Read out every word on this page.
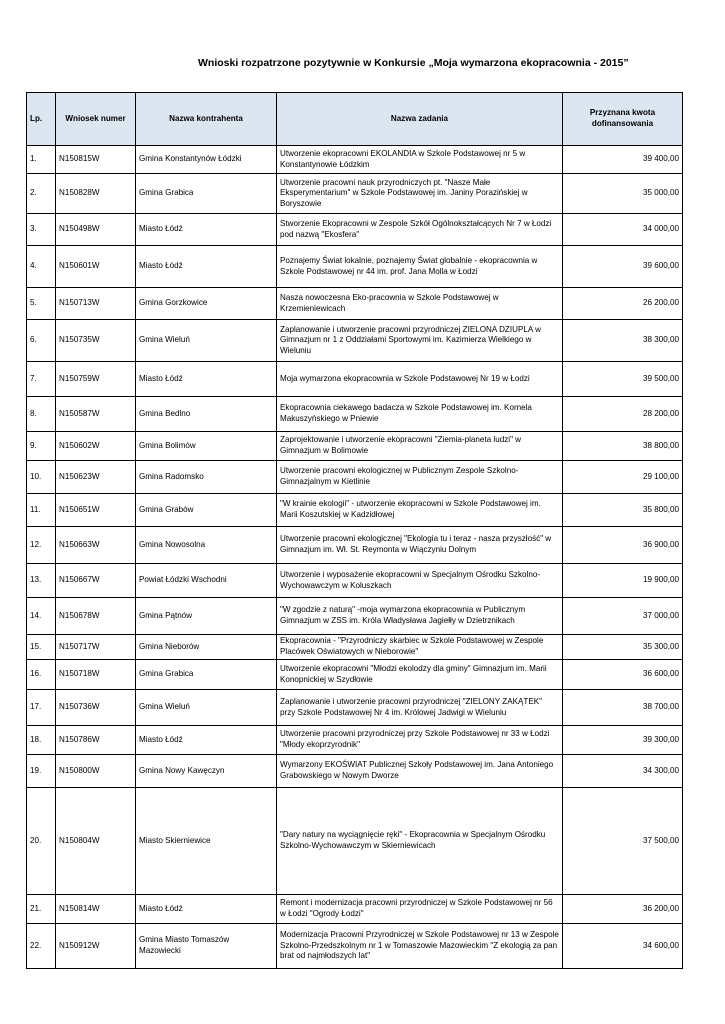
Wnioski rozpatrzone pozytywnie w Konkursie „Moja wymarzona ekopracownia - 2015”
Lp.	Wniosek numer	Nazwa kontrahenta	Nazwa zadania	Przyznana kwota dofinansowania
1.	N150815W	Gmina Konstantynów Łódzki	Utworzenie ekopracowni EKOLANDIA w Szkole Podstawowej nr 5 w Konstantynowie Łódzkim	39 400,00
2.	N150828W	Gmina Grabica	Utworzenie pracowni nauk przyrodniczych pt. "Nasze Małe Eksperymentarium" w Szkole Podstawowej im. Janiny Porazińskiej w Boryszowie	35 000,00
3.	N150498W	Miasto Łódź	Stworzenie Ekopracowni w Zespole Szkół Ogólnokształcących Nr 7 w Łodzi pod nazwą "Ekosfera"	34 000,00
4.	N150601W	Miasto Łódź	Poznajemy Świat lokalnie, poznajemy Świat globalnie - ekopracownia w Szkole Podstawowej nr 44 im. prof. Jana Molla w Łodzi	39 600,00
5.	N150713W	Gmina Gorzkowice	Nasza nowoczesna Eko-pracownia w Szkole Podstawowej w Krzemieniewicach	26 200,00
6.	N150735W	Gmina Wieluń	Zaplanowanie i utworzenie pracowni przyrodniczej ZIELONA DZIUPLA w Gimnazjum nr 1 z Oddziałami Sportowymi im. Kazimierza Wielkiego w Wieluniu	38 300,00
7.	N150759W	Miasto Łódź	Moja wymarzona ekopracownia w Szkole Podstawowej Nr 19 w Łodzi	39 500,00
8.	N150587W	Gmina Bedlno	Ekopracownia ciekawego badacza w Szkole Podstawowej im. Kornela Makuszyńskiego w Pniewie	28 200,00
9.	N150602W	Gmina Bolimów	Zaprojektowanie i utworzenie ekopracowni "Ziemia-planeta ludzi" w Gimnazjum w Bolimowie	38 800,00
10.	N150623W	Gmina Radomsko	Utworzenie pracowni ekologicznej w Publicznym Zespole Szkolno-Gimnazjalnym w Kietlinie	29 100,00
11.	N150651W	Gmina Grabów	"W krainie ekologii" - utworzenie ekopracowni w Szkole Podstawowej im. Marii Koszutskiej w Kadzidłowej	35 800,00
12.	N150663W	Gmina Nowosolna	Utworzenie pracowni ekologicznej "Ekologia tu i teraz - nasza przyszłość" w Gimnazjum im. Wł. St. Reymonta w Wiączyniu Dolnym	36 900,00
13.	N150667W	Powiat Łódzki Wschodni	Utworzenie i wyposażenie ekopracowni w Specjalnym Ośrodku Szkolno-Wychowawczym w Koluszkach	19 900,00
14.	N150678W	Gmina Pątnów	"W zgodzie z naturą" -moja wymarzona ekopracownia w Publicznym Gimnazjum w ZSS im. Króla Władysława Jagiełły w Dzietrznikach	37 000,00
15.	N150717W	Gmina Nieborów	Ekopracownia - "Przyrodniczy skarbiec w Szkole Podstawowej w Zespole Placówek Oświatowych w Nieborowie"	35 300,00
16.	N150718W	Gmina Grabica	Utworzenie ekopracowni "Młodzi ekolodzy dla gminy" Gimnazjum im. Marii Konopnickiej w Szydłowie	36 600,00
17.	N150736W	Gmina Wieluń	Zaplanowanie i utworzenie pracowni przyrodniczej "ZIELONY ZAKĄTEK" przy Szkole Podstawowej Nr 4 im. Królowej Jadwigi w Wieluniu	38 700,00
18.	N150786W	Miasto Łódź	Utworzenie pracowni przyrodniczej przy Szkole Podstawowej nr 33 w Łodzi "Młody ekoprzyrodnik"	39 300,00
19.	N150800W	Gmina Nowy Kawęczyn	Wymarzony EKOŚWIAT Publicznej Szkoły Podstawowej im. Jana Antoniego Grabowskiego w Nowym Dworze	34 300,00
20.	N150804W	Miasto Skierniewice	"Dary natury na wyciągnięcie ręki" - Ekopracownia w Specjalnym Ośrodku Szkolno-Wychowawczym w Skierniewicach	37 500,00
21.	N150814W	Miasto Łódź	Remont i modernizacja pracowni przyrodniczej w Szkole Podstawowej nr 56 w Łodzi "Ogrody Łodzi"	36 200,00
22.	N150912W	Gmina Miasto Tomaszów Mazowiecki	Modernizacja Pracowni Przyrodniczej w Szkole Podstawowej nr 13 w Zespole Szkolno-Przedszkolnym nr 1 w Tomaszowie Mazowieckim "Z ekologią za pan brat od najmłodszych lat"	34 600,00
